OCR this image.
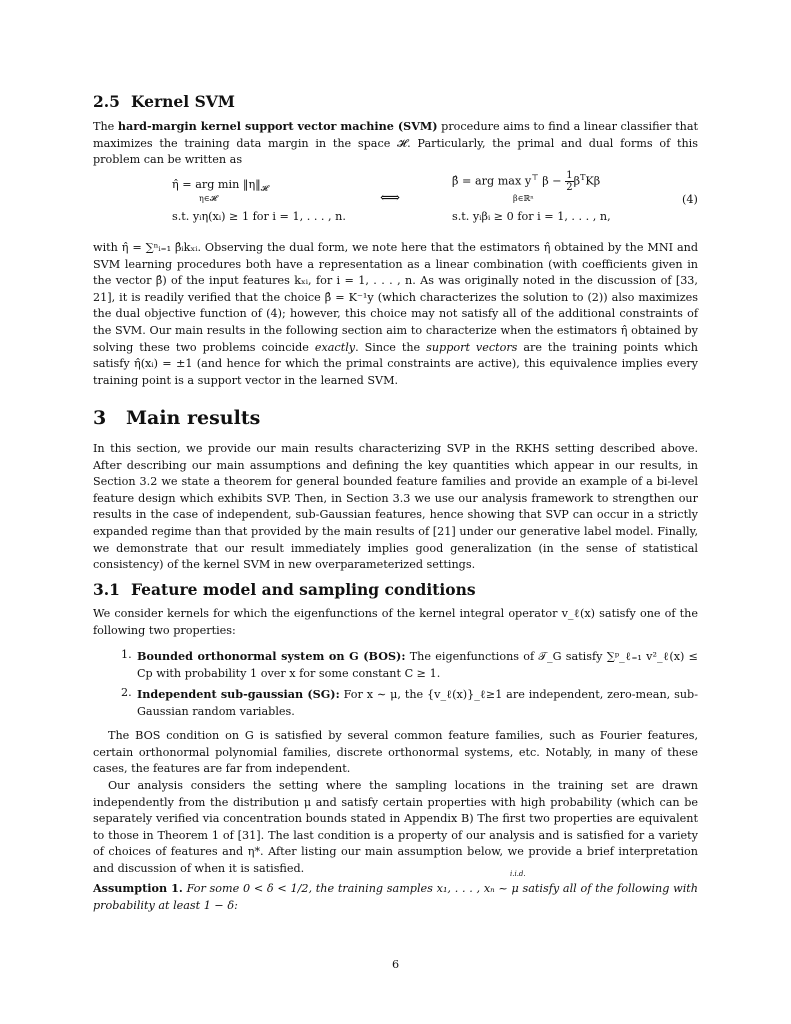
2.5 Kernel SVM

The hard-margin kernel support vector machine (SVM) procedure aims to find a linear classifier that maximizes the training data margin in the space 𝓗. Particularly, the primal and dual forms of this problem can be written as

η̂ = arg $\min ‖\eta‖_𝓗$
η∈𝓗
s.t. yᵢη(xᵢ) ≥ 1 for i = 1, . . . , n.
⟺
β̂ = arg max y⊤ $\beta - \frac{1}{2} \beta^TK\beta$
β∈ℝⁿ
s.t. yᵢβᵢ ≥ 0 for i = 1, . . . , n,
(4)

with η̂ = ∑ⁿᵢ₌₁ β̂ᵢkₓᵢ. Observing the dual form, we note here that the estimators η̂ obtained by the MNI and SVM learning procedures both have a representation as a linear combination (with coefficients given in the vector β̂) of the input features kₓᵢ, for i = 1, . . . , n. As was originally noted in the discussion of [33, 21], it is readily verified that the choice β̂ = K⁻¹y (which characterizes the solution to (2)) also maximizes the dual objective function of (4); however, this choice may not satisfy all of the additional constraints of the SVM. Our main results in the following section aim to characterize when the estimators η̂ obtained by solving these two problems coincide exactly. Since the support vectors are the training points which satisfy η̂(xᵢ) = ±1 (and hence for which the primal constraints are active), this equivalence implies every training point is a support vector in the learned SVM.

3 Main results

In this section, we provide our main results characterizing SVP in the RKHS setting described above. After describing our main assumptions and defining the key quantities which appear in our results, in Section 3.2 we state a theorem for general bounded feature families and provide an example of a bi-level feature design which exhibits SVP. Then, in Section 3.3 we use our analysis framework to strengthen our results in the case of independent, sub-Gaussian features, hence showing that SVP can occur in a strictly expanded regime than that provided by the main results of [21] under our generative label model. Finally, we demonstrate that our result immediately implies good generalization (in the sense of statistical consistency) of the kernel SVM in new overparameterized settings.

3.1 Feature model and sampling conditions

We consider kernels for which the eigenfunctions of the kernel integral operator v_ℓ(x) satisfy one of the following two properties:

1. Bounded orthonormal system on G (BOS): The eigenfunctions of 𝒯_G satisfy ∑ᵖ_ℓ₌₁ v²_ℓ(x) ≤ Cp with probability 1 over x for some constant C ≥ 1.

2. Independent sub-gaussian (SG): For x ∼ μ, the {v_ℓ(x)}_ℓ≥1 are independent, zero-mean, sub-Gaussian random variables.

The BOS condition on G is satisfied by several common feature families, such as Fourier features, certain orthonormal polynomial families, discrete orthonormal systems, etc. Notably, in many of these cases, the features are far from independent.

Our analysis considers the setting where the sampling locations in the training set are drawn independently from the distribution μ and satisfy certain properties with high probability (which can be separately verified via concentration bounds stated in Appendix B) The first two properties are equivalent to those in Theorem 1 of [31]. The last condition is a property of our analysis and is satisfied for a variety of choices of features and η*. After listing our main assumption below, we provide a brief interpretation and discussion of when it is satisfied.

Assumption 1. For some 0 < δ < 1/2, the training samples x₁, . . . , xₙ ~ μ satisfy all of the following with probability at least 1 − δ:

i.i.d.
6
